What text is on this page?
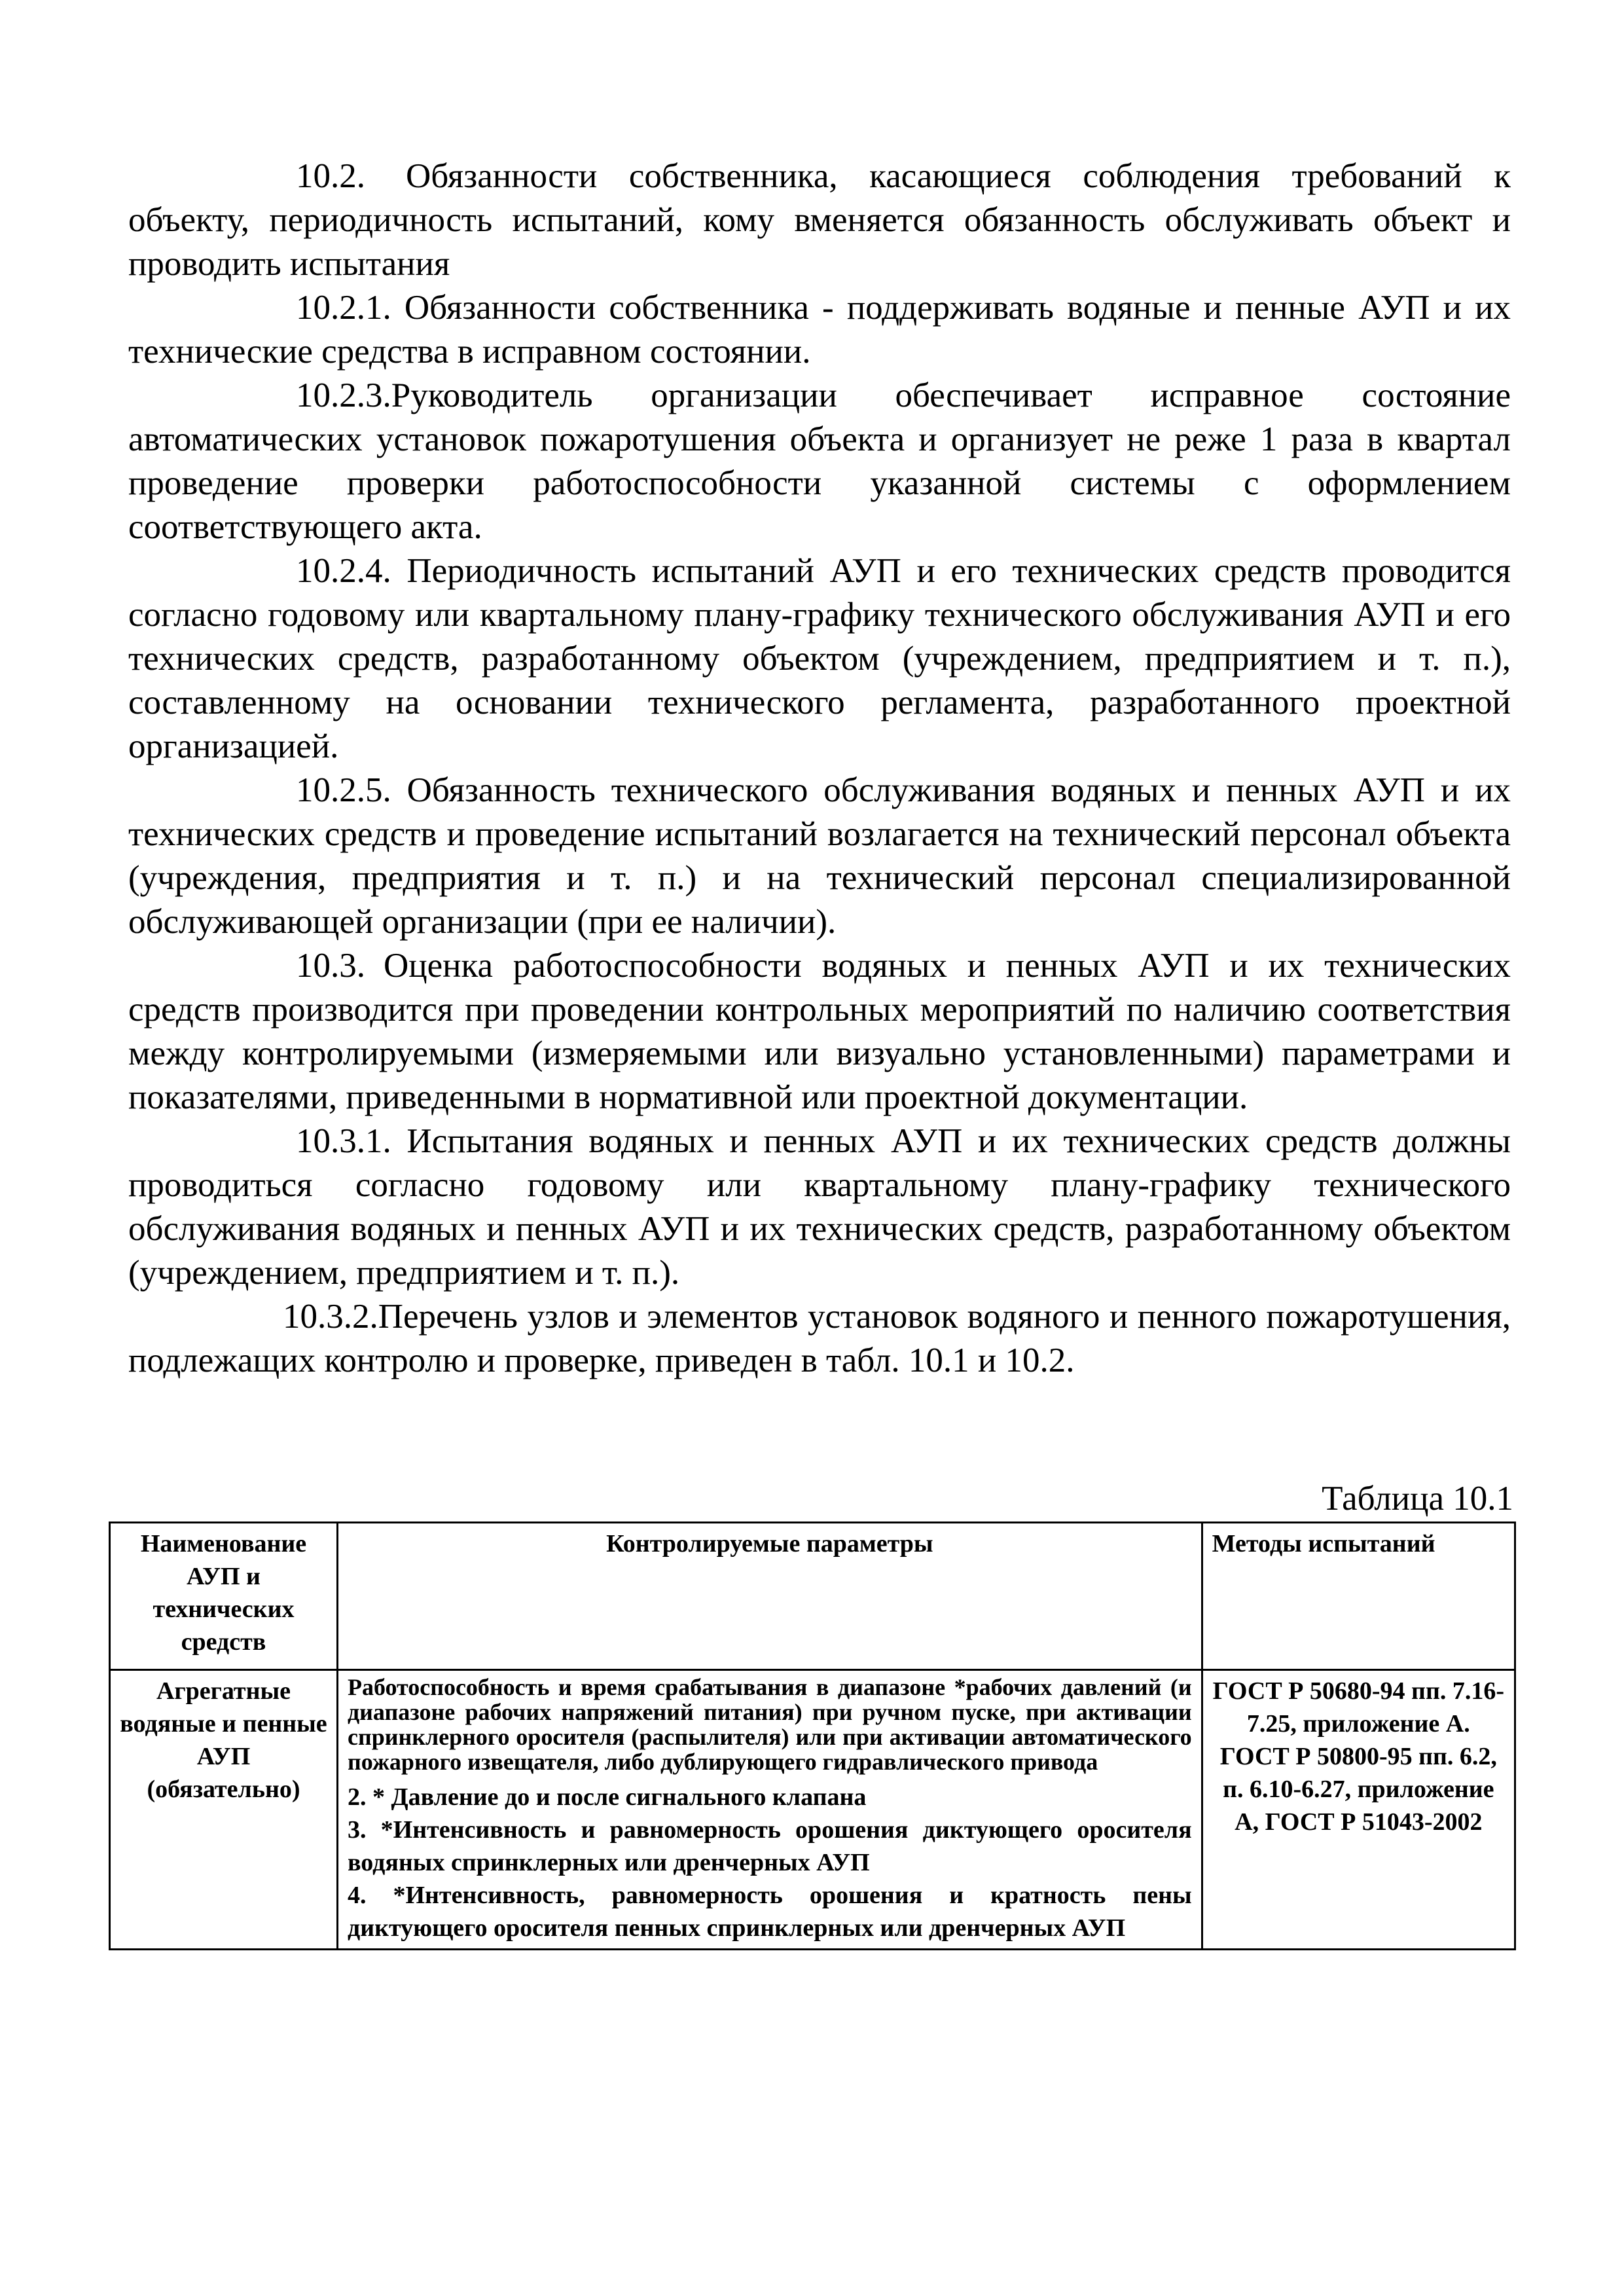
10.2. Обязанности собственника, касающиеся соблюдения требований к объекту, периодичность испытаний, кому вменяется обязанность обслуживать объект и проводить испытания

10.2.1. Обязанности собственника - поддерживать водяные и пенные АУП и их технические средства в исправном состоянии.

10.2.3.Руководитель организации обеспечивает исправное состояние автоматических установок пожаротушения объекта и организует не реже 1 раза в квартал проведение проверки работоспособности указанной системы с оформлением соответствующего акта.

10.2.4. Периодичность испытаний АУП и его технических средств проводится согласно годовому или квартальному плану-графику технического обслуживания АУП и его технических средств, разработанному объектом (учреждением, предприятием и т. п.), составленному на основании технического регламента, разработанного проектной организацией.

10.2.5. Обязанность технического обслуживания водяных и пенных АУП и их технических средств и проведение испытаний возлагается на технический персонал объекта (учреждения, предприятия и т. п.) и на технический персонал специализированной обслуживающей организации (при ее наличии).

10.3. Оценка работоспособности водяных и пенных АУП и их технических средств производится при проведении контрольных мероприятий по наличию соответствия между контролируемыми (измеряемыми или визуально установленными) параметрами и показателями, приведенными в нормативной или проектной документации.

10.3.1. Испытания водяных и пенных АУП и их технических средств должны проводиться согласно годовому или квартальному плану-графику технического обслуживания водяных и пенных АУП и их технических средств, разработанному объектом (учреждением, предприятием и т. п.).

10.3.2.Перечень узлов и элементов установок водяного и пенного пожаротушения, подлежащих контролю и проверке, приведен в табл. 10.1 и 10.2.

Таблица 10.1
Наименование АУП и технических средств	Контролируемые параметры	Методы испытаний
Агрегатные водяные и пенные АУП (обязательно)	Работоспособность и время срабатывания в диапазоне *рабочих давлений (и диапазоне рабочих напряжений питания) при ручном пуске, при активации спринклерного оросителя (распылителя) или при активации автоматического пожарного извещателя, либо дублирующего гидравлического привода
2. * Давление до и после сигнального клапана
3. *Интенсивность и равномерность орошения диктующего оросителя водяных спринклерных или дренчерных АУП
4. *Интенсивность, равномерность орошения и кратность пены диктующего оросителя пенных спринклерных или дренчерных АУП	ГОСТ Р 50680-94 пп. 7.16-7.25, приложение А. ГОСТ Р 50800-95 пп. 6.2, п. 6.10-6.27, приложение А, ГОСТ Р 51043-2002
